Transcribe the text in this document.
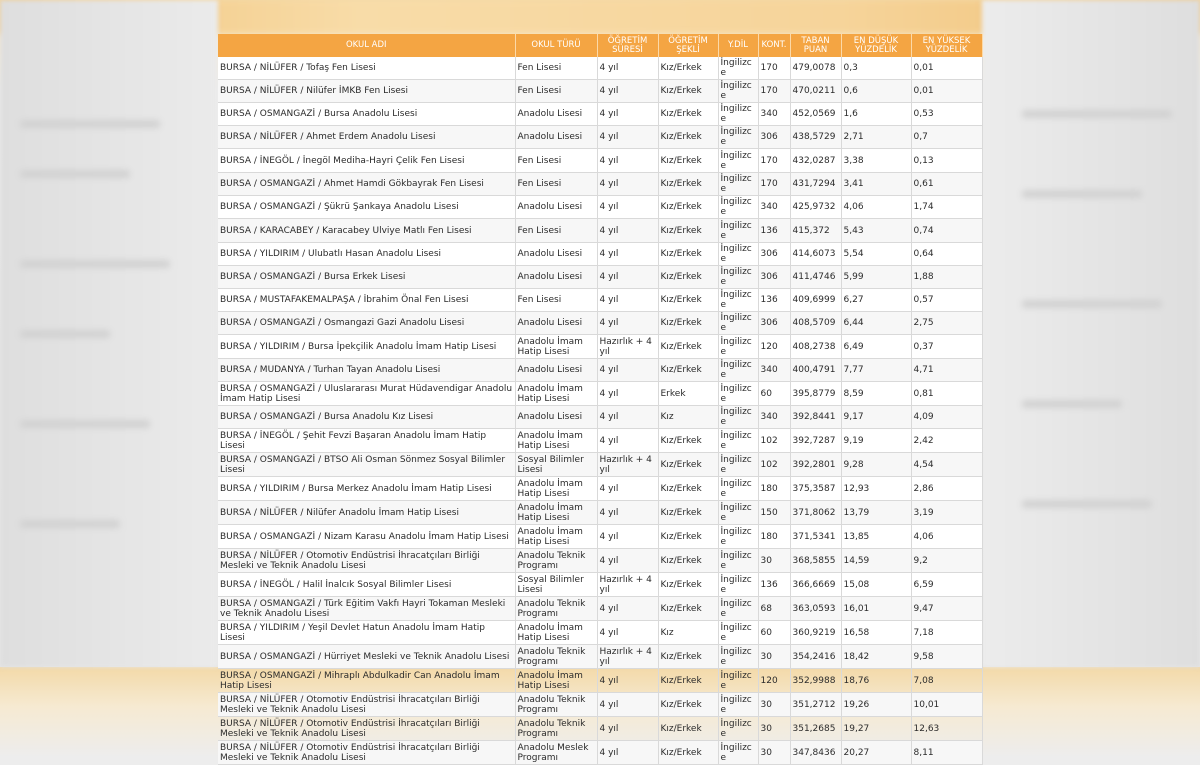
OKUL ADI	OKUL TÜRÜ	ÖĞRETİM SÜRESİ	ÖĞRETİM ŞEKLİ	Y.DİL	KONT.	TABAN PUAN	EN DÜŞÜK YÜZDELİK	EN YÜKSEK YÜZDELİK
BURSA / NİLÜFER / Tofaş Fen Lisesi	Fen Lisesi	4 yıl	Kız/Erkek	İngilizce	170	479,0078	0,3	0,01
BURSA / NİLÜFER / Nilüfer İMKB Fen Lisesi	Fen Lisesi	4 yıl	Kız/Erkek	İngilizce	170	470,0211	0,6	0,01
BURSA / OSMANGAZİ / Bursa Anadolu Lisesi	Anadolu Lisesi	4 yıl	Kız/Erkek	İngilizce	340	452,0569	1,6	0,53
BURSA / NİLÜFER / Ahmet Erdem Anadolu Lisesi	Anadolu Lisesi	4 yıl	Kız/Erkek	İngilizce	306	438,5729	2,71	0,7
BURSA / İNEGÖL / İnegöl Mediha-Hayri Çelik Fen Lisesi	Fen Lisesi	4 yıl	Kız/Erkek	İngilizce	170	432,0287	3,38	0,13
BURSA / OSMANGAZİ / Ahmet Hamdi Gökbayrak Fen Lisesi	Fen Lisesi	4 yıl	Kız/Erkek	İngilizce	170	431,7294	3,41	0,61
BURSA / OSMANGAZİ / Şükrü Şankaya Anadolu Lisesi	Anadolu Lisesi	4 yıl	Kız/Erkek	İngilizce	340	425,9732	4,06	1,74
BURSA / KARACABEY / Karacabey Ulviye Matlı Fen Lisesi	Fen Lisesi	4 yıl	Kız/Erkek	İngilizce	136	415,372	5,43	0,74
BURSA / YILDIRIM / Ulubatlı Hasan Anadolu Lisesi	Anadolu Lisesi	4 yıl	Kız/Erkek	İngilizce	306	414,6073	5,54	0,64
BURSA / OSMANGAZİ / Bursa Erkek Lisesi	Anadolu Lisesi	4 yıl	Kız/Erkek	İngilizce	306	411,4746	5,99	1,88
BURSA / MUSTAFAKEMALPAŞA / İbrahim Önal Fen Lisesi	Fen Lisesi	4 yıl	Kız/Erkek	İngilizce	136	409,6999	6,27	0,57
BURSA / OSMANGAZİ / Osmangazi Gazi Anadolu Lisesi	Anadolu Lisesi	4 yıl	Kız/Erkek	İngilizce	306	408,5709	6,44	2,75
BURSA / YILDIRIM / Bursa İpekçilik Anadolu İmam Hatip Lisesi	Anadolu İmam Hatip Lisesi	Hazırlık + 4 yıl	Kız/Erkek	İngilizce	120	408,2738	6,49	0,37
BURSA / MUDANYA / Turhan Tayan Anadolu Lisesi	Anadolu Lisesi	4 yıl	Kız/Erkek	İngilizce	340	400,4791	7,77	4,71
BURSA / OSMANGAZİ / Uluslararası Murat Hüdavendigar Anadolu İmam Hatip Lisesi	Anadolu İmam Hatip Lisesi	4 yıl	Erkek	İngilizce	60	395,8779	8,59	0,81
BURSA / OSMANGAZİ / Bursa Anadolu Kız Lisesi	Anadolu Lisesi	4 yıl	Kız	İngilizce	340	392,8441	9,17	4,09
BURSA / İNEGÖL / Şehit Fevzi Başaran Anadolu İmam Hatip Lisesi	Anadolu İmam Hatip Lisesi	4 yıl	Kız/Erkek	İngilizce	102	392,7287	9,19	2,42
BURSA / OSMANGAZİ / BTSO Ali Osman Sönmez Sosyal Bilimler Lisesi	Sosyal Bilimler Lisesi	Hazırlık + 4 yıl	Kız/Erkek	İngilizce	102	392,2801	9,28	4,54
BURSA / YILDIRIM / Bursa Merkez Anadolu İmam Hatip Lisesi	Anadolu İmam Hatip Lisesi	4 yıl	Kız/Erkek	İngilizce	180	375,3587	12,93	2,86
BURSA / NİLÜFER / Nilüfer Anadolu İmam Hatip Lisesi	Anadolu İmam Hatip Lisesi	4 yıl	Kız/Erkek	İngilizce	150	371,8062	13,79	3,19
BURSA / OSMANGAZİ / Nizam Karasu Anadolu İmam Hatip Lisesi	Anadolu İmam Hatip Lisesi	4 yıl	Kız/Erkek	İngilizce	180	371,5341	13,85	4,06
BURSA / NİLÜFER / Otomotiv Endüstrisi İhracatçıları Birliği Mesleki ve Teknik Anadolu Lisesi	Anadolu Teknik Programı	4 yıl	Kız/Erkek	İngilizce	30	368,5855	14,59	9,2
BURSA / İNEGÖL / Halil İnalcık Sosyal Bilimler Lisesi	Sosyal Bilimler Lisesi	Hazırlık + 4 yıl	Kız/Erkek	İngilizce	136	366,6669	15,08	6,59
BURSA / OSMANGAZİ / Türk Eğitim Vakfı Hayri Tokaman Mesleki ve Teknik Anadolu Lisesi	Anadolu Teknik Programı	4 yıl	Kız/Erkek	İngilizce	68	363,0593	16,01	9,47
BURSA / YILDIRIM / Yeşil Devlet Hatun Anadolu İmam Hatip Lisesi	Anadolu İmam Hatip Lisesi	4 yıl	Kız	İngilizce	60	360,9219	16,58	7,18
BURSA / OSMANGAZİ / Hürriyet Mesleki ve Teknik Anadolu Lisesi	Anadolu Teknik Programı	Hazırlık + 4 yıl	Kız/Erkek	İngilizce	30	354,2416	18,42	9,58
BURSA / OSMANGAZİ / Mihraplı Abdulkadir Can Anadolu İmam Hatip Lisesi	Anadolu İmam Hatip Lisesi	4 yıl	Kız/Erkek	İngilizce	120	352,9988	18,76	7,08
BURSA / NİLÜFER / Otomotiv Endüstrisi İhracatçıları Birliği Mesleki ve Teknik Anadolu Lisesi	Anadolu Teknik Programı	4 yıl	Kız/Erkek	İngilizce	30	351,2712	19,26	10,01
BURSA / NİLÜFER / Otomotiv Endüstrisi İhracatçıları Birliği Mesleki ve Teknik Anadolu Lisesi	Anadolu Teknik Programı	4 yıl	Kız/Erkek	İngilizce	30	351,2685	19,27	12,63
BURSA / NİLÜFER / Otomotiv Endüstrisi İhracatçıları Birliği Mesleki ve Teknik Anadolu Lisesi	Anadolu Meslek Programı	4 yıl	Kız/Erkek	İngilizce	30	347,8436	20,27	8,11
